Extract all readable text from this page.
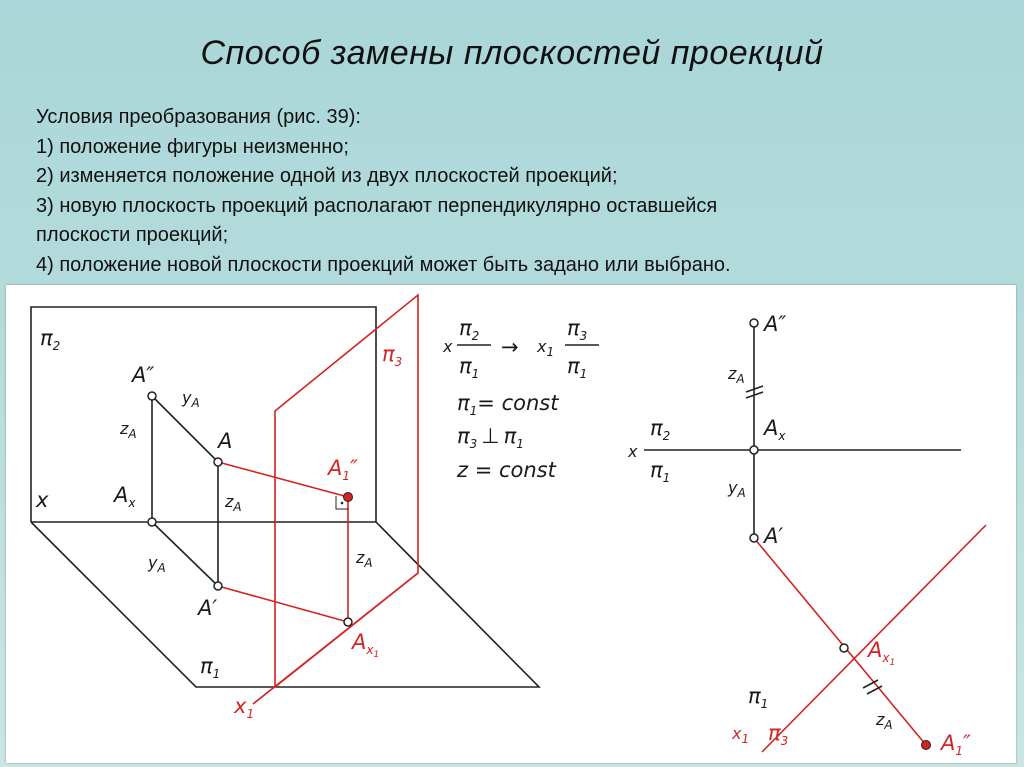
Способ замены плоскостей проекций
Условия преобразования (рис. 39):
1) положение фигуры неизменно;
2) изменяется положение одной из двух плоскостей проекций;
3) новую плоскость проекций располагают перпендикулярно оставшейся
плоскости проекций;
4) положение новой плоскости проекций может быть задано или выбрано.
$\pi_2$	$\pi_3$
$\pi_1$
A″
A
A′
$A_1''$
$A_x$
$A_x1$
x
$x_1$
$z_A$
$z_A$
$z_A$
$y_A$
$y_A$
x
$\pi_2$
$\pi_1$
→ $x_1$
$\pi_3$
$\pi_1$
$\pi_1=$ const
$\pi_3$ ⊥ $\pi_1$
z = const
A″
A′
$A_x$
$A_x1$
$A_1''$
x
$\pi_2$
$\pi_1$
$z_A$
$y_A$
$z_A$
$\pi_1$
$\pi_3$
$x_1$
